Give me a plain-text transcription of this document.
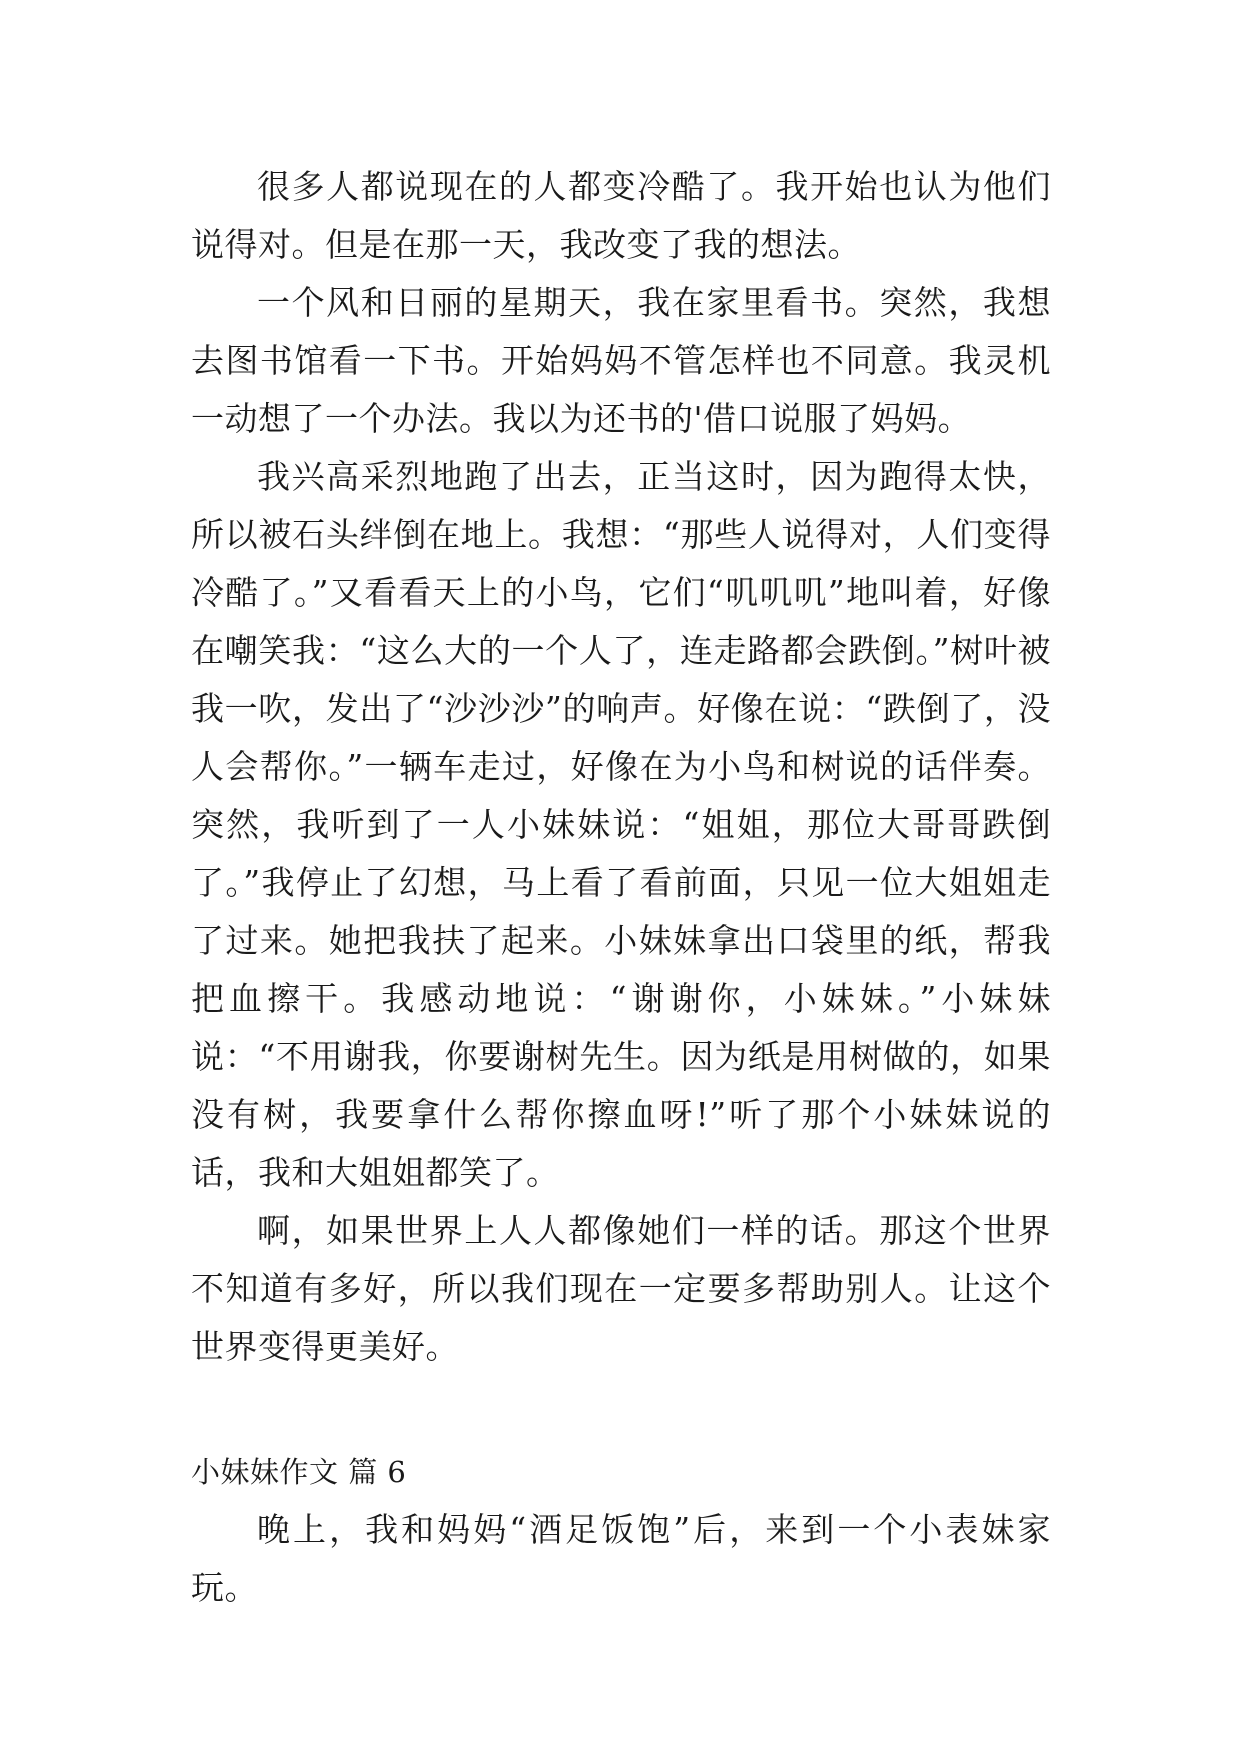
很多人都说现在的人都变冷酷了。我开始也认为他们说得对。但是在那一天，我改变了我的想法。

一个风和日丽的星期天，我在家里看书。突然，我想去图书馆看一下书。开始妈妈不管怎样也不同意。我灵机一动想了一个办法。我以为还书的'借口说服了妈妈。

我兴高采烈地跑了出去，正当这时，因为跑得太快，所以被石头绊倒在地上。我想：“那些人说得对，人们变得冷酷了。”又看看天上的小鸟，它们“叽叽叽”地叫着，好像在嘲笑我：“这么大的一个人了，连走路都会跌倒。”树叶被我一吹，发出了“沙沙沙”的响声。好像在说：“跌倒了，没人会帮你。”一辆车走过，好像在为小鸟和树说的话伴奏。突然，我听到了一人小妹妹说：“姐姐，那位大哥哥跌倒了。”我停止了幻想，马上看了看前面，只见一位大姐姐走了过来。她把我扶了起来。小妹妹拿出口袋里的纸，帮我把血擦干。我感动地说：“谢谢你，小妹妹。”小妹妹说：“不用谢我，你要谢树先生。因为纸是用树做的，如果没有树，我要拿什么帮你擦血呀!”听了那个小妹妹说的话，我和大姐姐都笑了。

啊，如果世界上人人都像她们一样的话。那这个世界不知道有多好，所以我们现在一定要多帮助别人。让这个世界变得更美好。

小妹妹作文 篇 6

晚上，我和妈妈“酒足饭饱”后，来到一个小表妹家玩。
